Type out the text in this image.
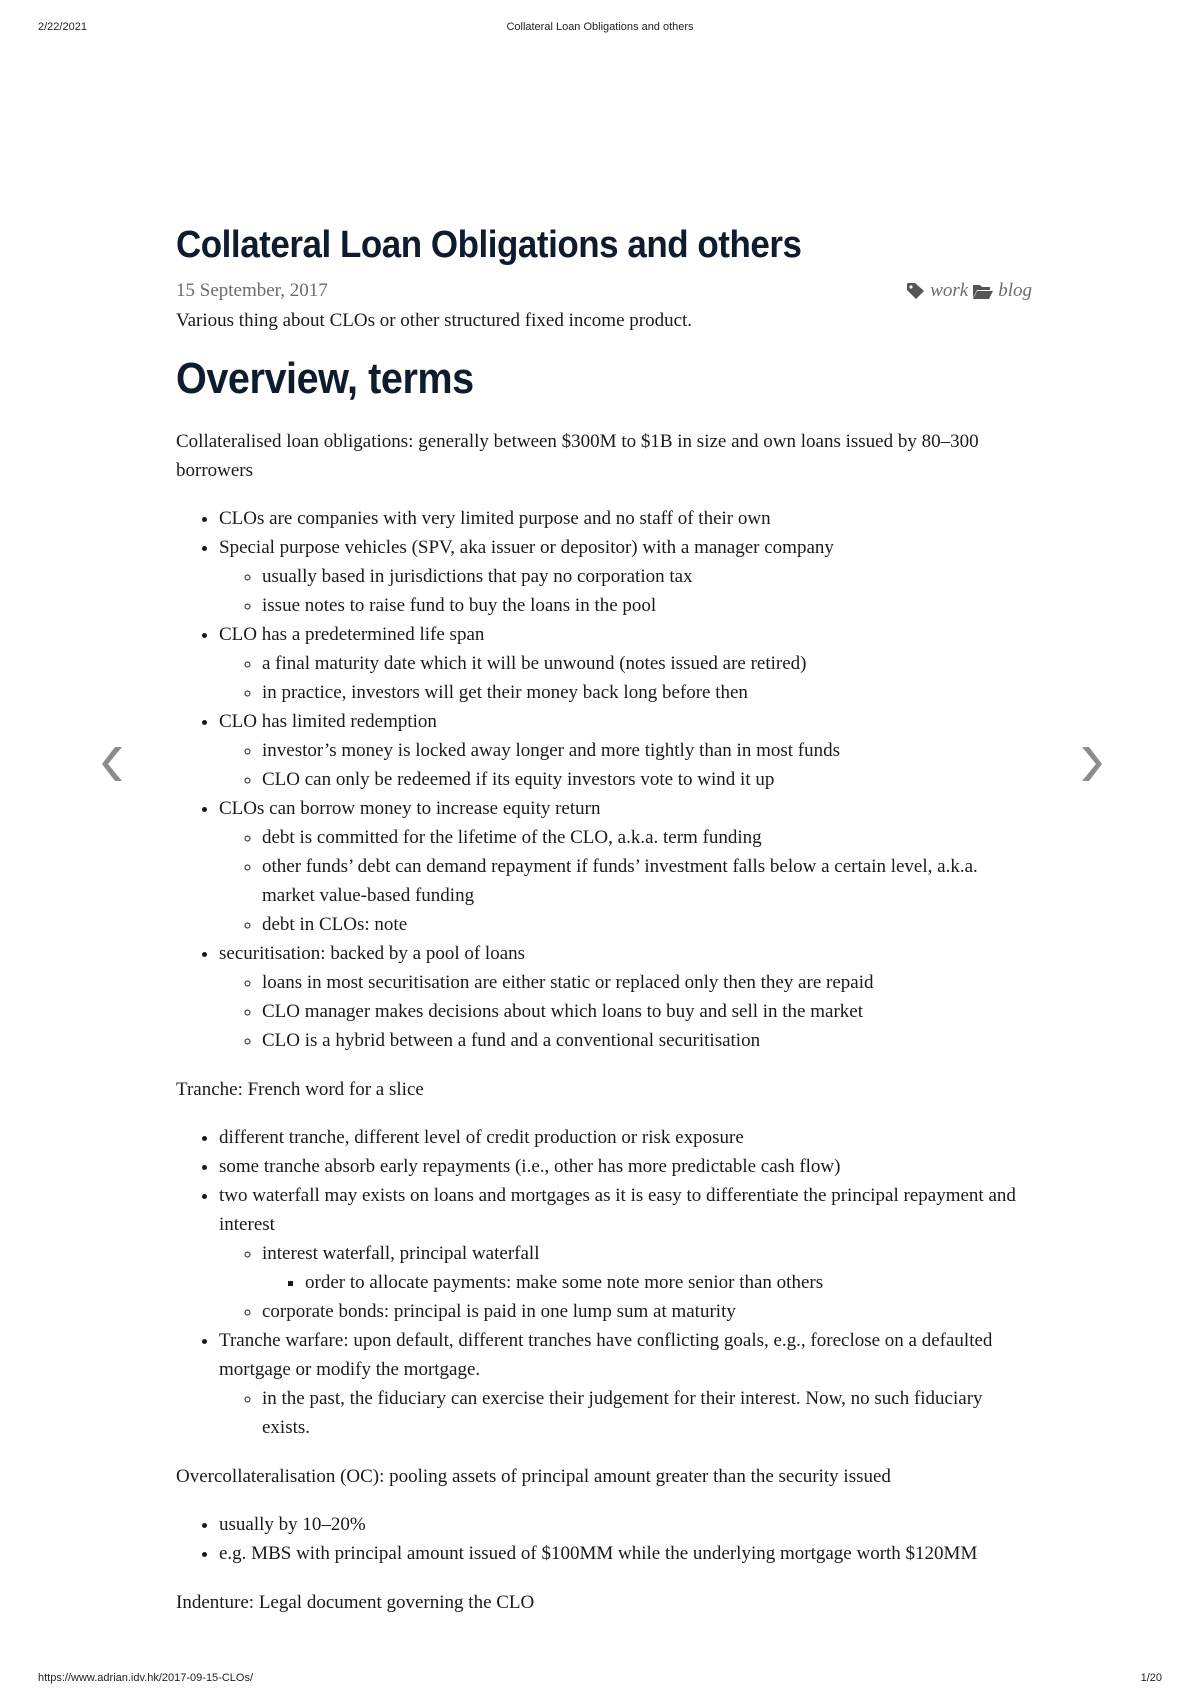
2/22/2021	Collateral Loan Obligations and others
Collateral Loan Obligations and others
15 September, 2017	work blog

Various thing about CLOs or other structured fixed income product.

Overview, terms

Collateralised loan obligations: generally between $300M to $1B in size and own loans issued by 80–300 borrowers

• CLOs are companies with very limited purpose and no staff of their own
• Special purpose vehicles (SPV, aka issuer or depositor) with a manager company
◦ usually based in jurisdictions that pay no corporation tax
◦ issue notes to raise fund to buy the loans in the pool
• CLO has a predetermined life span
◦ a final maturity date which it will be unwound (notes issued are retired)
◦ in practice, investors will get their money back long before then
• CLO has limited redemption
◦ investor’s money is locked away longer and more tightly than in most funds
◦ CLO can only be redeemed if its equity investors vote to wind it up
• CLOs can borrow money to increase equity return
◦ debt is committed for the lifetime of the CLO, a.k.a. term funding
◦ other funds’ debt can demand repayment if funds’ investment falls below a certain level, a.k.a. market value-based funding
◦ debt in CLOs: note
• securitisation: backed by a pool of loans
◦ loans in most securitisation are either static or replaced only then they are repaid
◦ CLO manager makes decisions about which loans to buy and sell in the market
◦ CLO is a hybrid between a fund and a conventional securitisation

Tranche: French word for a slice

• different tranche, different level of credit production or risk exposure
• some tranche absorb early repayments (i.e., other has more predictable cash flow)
• two waterfall may exists on loans and mortgages as it is easy to differentiate the principal repayment and interest
◦ interest waterfall, principal waterfall
▪ order to allocate payments: make some note more senior than others
◦ corporate bonds: principal is paid in one lump sum at maturity
• Tranche warfare: upon default, different tranches have conflicting goals, e.g., foreclose on a defaulted mortgage or modify the mortgage.
◦ in the past, the fiduciary can exercise their judgement for their interest. Now, no such fiduciary exists.

Overcollateralisation (OC): pooling assets of principal amount greater than the security issued

• usually by 10–20%
• e.g. MBS with principal amount issued of $100MM while the underlying mortgage worth $120MM

Indenture: Legal document governing the CLO

https://www.adrian.idv.hk/2017-09-15-CLOs/	1/20
